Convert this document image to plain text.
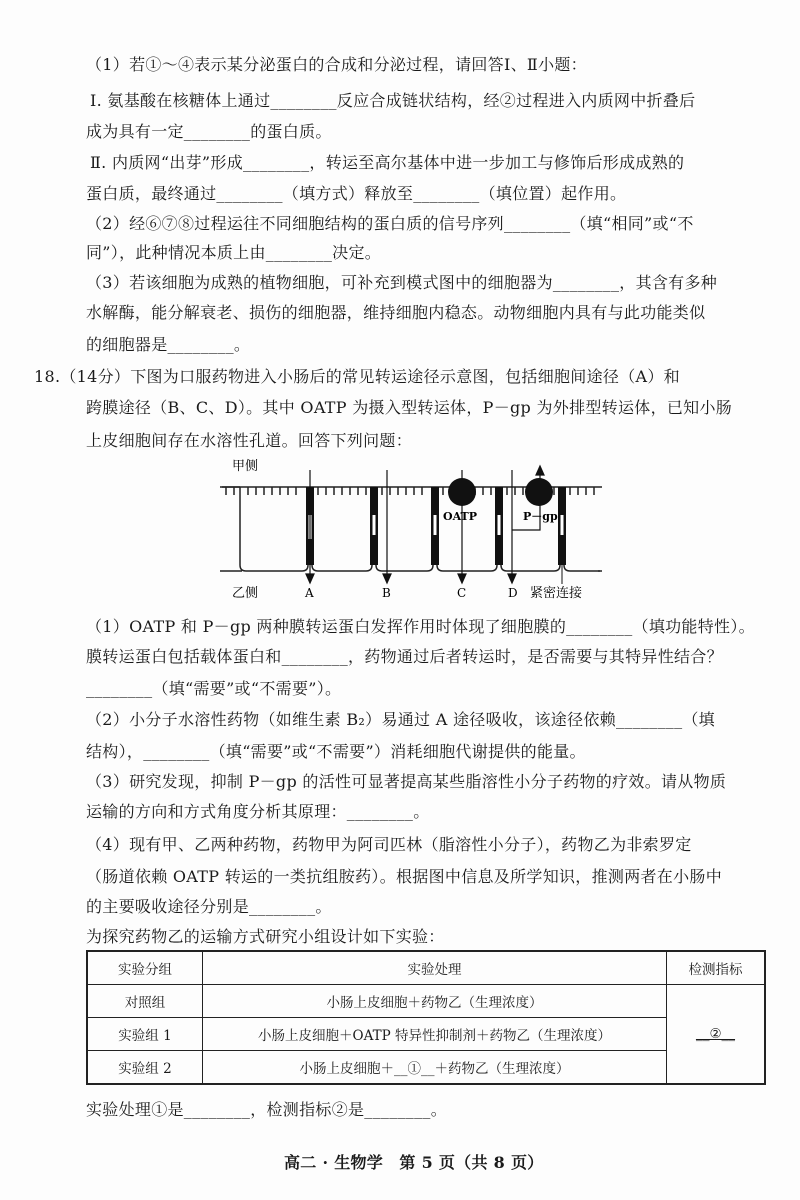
（1）若①～④表示某分泌蛋白的合成和分泌过程，请回答Ⅰ、Ⅱ小题：
Ⅰ. 氨基酸在核糖体上通过________反应合成链状结构，经②过程进入内质网中折叠后
成为具有一定________的蛋白质。
Ⅱ. 内质网“出芽”形成________，转运至高尔基体中进一步加工与修饰后形成成熟的
蛋白质，最终通过________（填方式）释放至________（填位置）起作用。
（2）经⑥⑦⑧过程运往不同细胞结构的蛋白质的信号序列________（填“相同”或“不
同”），此种情况本质上由________决定。
（3）若该细胞为成熟的植物细胞，可补充到模式图中的细胞器为________，其含有多种
水解酶，能分解衰老、损伤的细胞器，维持细胞内稳态。动物细胞内具有与此功能类似
的细胞器是________。
18.（14分）下图为口服药物进入小肠后的常见转运途径示意图，包括细胞间途径（A）和
跨膜途径（B、C、D）。其中 OATP 为摄入型转运体，P－gp 为外排型转运体，已知小肠
上皮细胞间存在水溶性孔道。回答下列问题：
甲侧
OATP	P－gp
乙侧	A	B	C	D 紧密连接
（1）OATP 和 P－gp 两种膜转运蛋白发挥作用时体现了细胞膜的________（填功能特性）。
膜转运蛋白包括载体蛋白和________，药物通过后者转运时，是否需要与其特异性结合？
________（填“需要”或“不需要”）。
（2）小分子水溶性药物（如维生素 B₂）易通过 A 途径吸收，该途径依赖________（填
结构），________（填“需要”或“不需要”）消耗细胞代谢提供的能量。
（3）研究发现，抑制 P－gp 的活性可显著提高某些脂溶性小分子药物的疗效。请从物质
运输的方向和方式角度分析其原理：________。
（4）现有甲、乙两种药物，药物甲为阿司匹林（脂溶性小分子），药物乙为非索罗定
（肠道依赖 OATP 转运的一类抗组胺药）。根据图中信息及所学知识，推测两者在小肠中
的主要吸收途径分别是________。
为探究药物乙的运输方式研究小组设计如下实验：
实验分组	实验处理	检测指标
对照组	小肠上皮细胞＋药物乙（生理浓度）	__②__
实验组 1	小肠上皮细胞＋OATP 特异性抑制剂＋药物乙（生理浓度）	
实验组 2	小肠上皮细胞＋__①__＋药物乙（生理浓度）	
实验处理①是________，检测指标②是________。
高二 · 生物学　第 5 页（共 8 页）
